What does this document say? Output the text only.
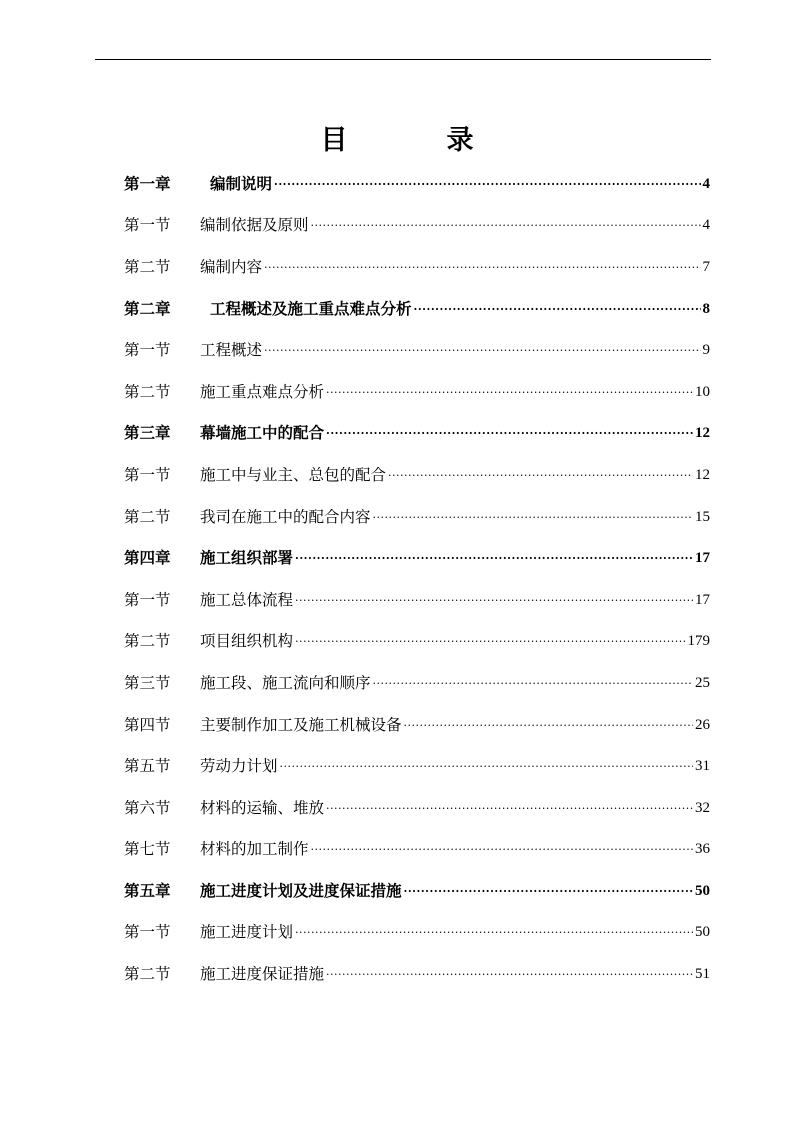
目　录
第一章	编制说明 .....	4
第一节	编制依据及原则 .....	4
第二节	编制内容 .....	7
第二章	工程概述及施工重点难点分析 .....	8
第一节	工程概述 .....	9
第二节	施工重点难点分析 .....	10
第三章	幕墙施工中的配合 .....	12
第一节	施工中与业主、总包的配合 .....	12
第二节	我司在施工中的配合内容 .....	15
第四章	施工组织部署 .....	17
第一节	施工总体流程 .....	17
第二节	项目组织机构 .....	179
第三节	施工段、施工流向和顺序 .....	25
第四节	主要制作加工及施工机械设备 .....	26
第五节	劳动力计划 .....	31
第六节	材料的运输、堆放 .....	32
第七节	材料的加工制作 .....	36
第五章	施工进度计划及进度保证措施 .....	50
第一节	施工进度计划 .....	50
第二节	施工进度保证措施 .....	51
